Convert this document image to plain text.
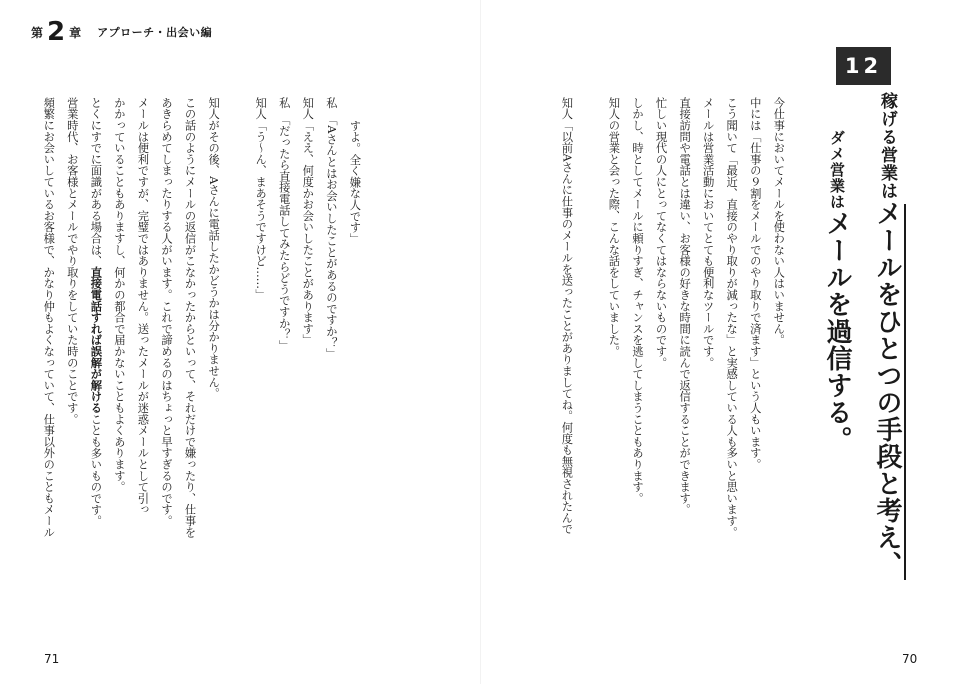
第 2 章 アプローチ・出会い編
12
稼げる営業はメールをひとつの手段と考え、
ダメ営業はメールを過信する。
今仕事においてメールを使わない人はいません。
中には「仕事の９割をメールでのやり取りで済ます」という人もいます。
こう聞いて「最近、直接のやり取りが減ったな」と実感している人も多いと思います。
メールは営業活動においてとても便利なツールです。
直接訪問や電話とは違い、お客様の好きな時間に読んで返信することができます。
忙しい現代の人にとってなくてはならないものです。
しかし、時としてメールに頼りすぎ、チャンスを逃してしまうこともあります。
知人の営業と会った際、こんな話をしていました。
知人「以前Aさんに仕事のメールを送ったことがありましてね。何度も無視されたんで
すよ。全く嫌な人です」
私　「Aさんとはお会いしたことがあるのですか？」
知人「ええ、何度かお会いしたことがあります」
私　「だったら直接電話してみたらどうですか？」
知人「う〜ん、まあそうですけど……」
知人がその後、Aさんに電話したかどうかは分かりません。
この話のようにメールの返信がこなかったからといって、それだけで嫌ったり、仕事を
あきらめてしまったりする人がいます。これで諦めるのはちょっと早すぎるのです。
メールは便利ですが、完璧ではありません。送ったメールが迷惑メールとして引っ
かかっていることもありますし、何かの都合で届かないこともよくあります。
とくにすでに面識がある場合は、直接電話すれば誤解が解けることも多いものです。
営業時代、お客様とメールでやり取りをしていた時のことです。
頻繁にお会いしているお客様で、かなり仲もよくなっていて、仕事以外のこともメール
71	70
